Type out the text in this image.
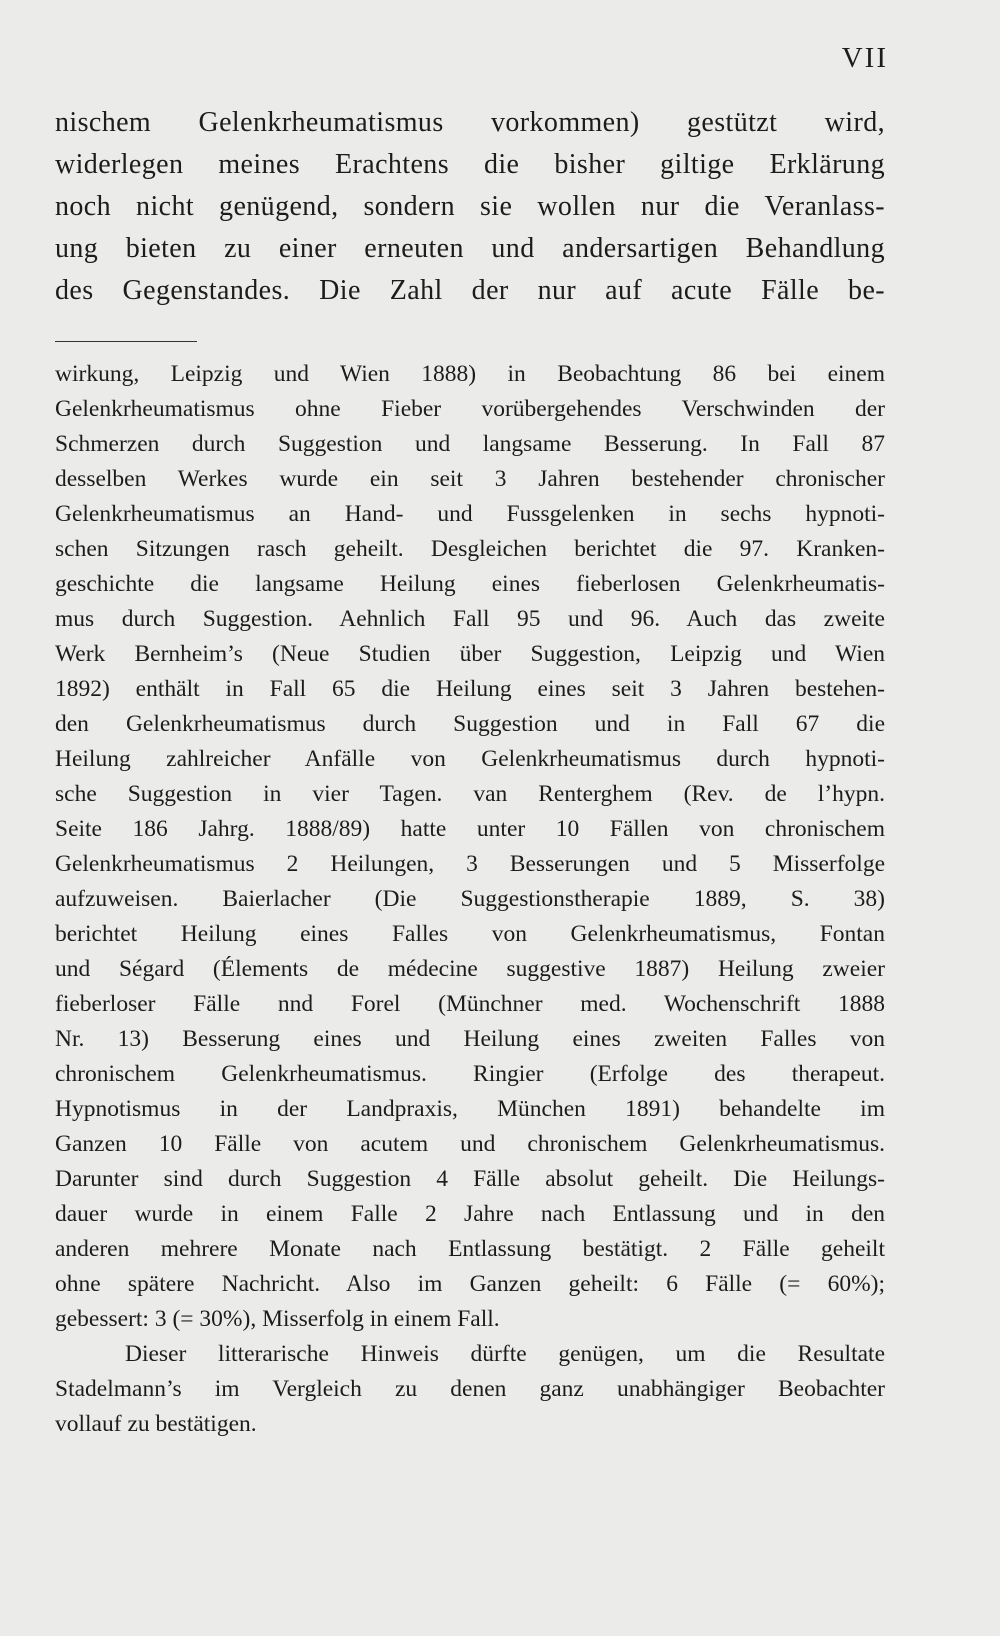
VII
nischem Gelenkrheumatismus vorkommen) gestützt wird,
widerlegen meines Erachtens die bisher giltige Erklärung
noch nicht genügend, sondern sie wollen nur die Veranlass-
ung bieten zu einer erneuten und andersartigen Behandlung
des Gegenstandes. Die Zahl der nur auf acute Fälle be-
wirkung, Leipzig und Wien 1888) in Beobachtung 86 bei einem
Gelenkrheumatismus ohne Fieber vorübergehendes Verschwinden der
Schmerzen durch Suggestion und langsame Besserung. In Fall 87
desselben Werkes wurde ein seit 3 Jahren bestehender chronischer
Gelenkrheumatismus an Hand- und Fussgelenken in sechs hypnoti-
schen Sitzungen rasch geheilt. Desgleichen berichtet die 97. Kranken-
geschichte die langsame Heilung eines fieberlosen Gelenkrheumatis-
mus durch Suggestion. Aehnlich Fall 95 und 96. Auch das zweite
Werk Bernheim’s (Neue Studien über Suggestion, Leipzig und Wien
1892) enthält in Fall 65 die Heilung eines seit 3 Jahren bestehen-
den Gelenkrheumatismus durch Suggestion und in Fall 67 die
Heilung zahlreicher Anfälle von Gelenkrheumatismus durch hypnoti-
sche Suggestion in vier Tagen. van Renterghem (Rev. de l’hypn.
Seite 186 Jahrg. 1888/89) hatte unter 10 Fällen von chronischem
Gelenkrheumatismus 2 Heilungen, 3 Besserungen und 5 Misserfolge
aufzuweisen. Baierlacher (Die Suggestionstherapie 1889, S. 38)
berichtet Heilung eines Falles von Gelenkrheumatismus, Fontan
und Ségard (Élements de médecine suggestive 1887) Heilung zweier
fieberloser Fälle nnd Forel (Münchner med. Wochenschrift 1888
Nr. 13) Besserung eines und Heilung eines zweiten Falles von
chronischem Gelenkrheumatismus. Ringier (Erfolge des therapeut.
Hypnotismus in der Landpraxis, München 1891) behandelte im
Ganzen 10 Fälle von acutem und chronischem Gelenkrheumatismus.
Darunter sind durch Suggestion 4 Fälle absolut geheilt. Die Heilungs-
dauer wurde in einem Falle 2 Jahre nach Entlassung und in den
anderen mehrere Monate nach Entlassung bestätigt. 2 Fälle geheilt
ohne spätere Nachricht. Also im Ganzen geheilt: 6 Fälle (= 60%);
gebessert: 3 (= 30%), Misserfolg in einem Fall.
Dieser litterarische Hinweis dürfte genügen, um die Resultate
Stadelmann’s im Vergleich zu denen ganz unabhängiger Beobachter
vollauf zu bestätigen.
